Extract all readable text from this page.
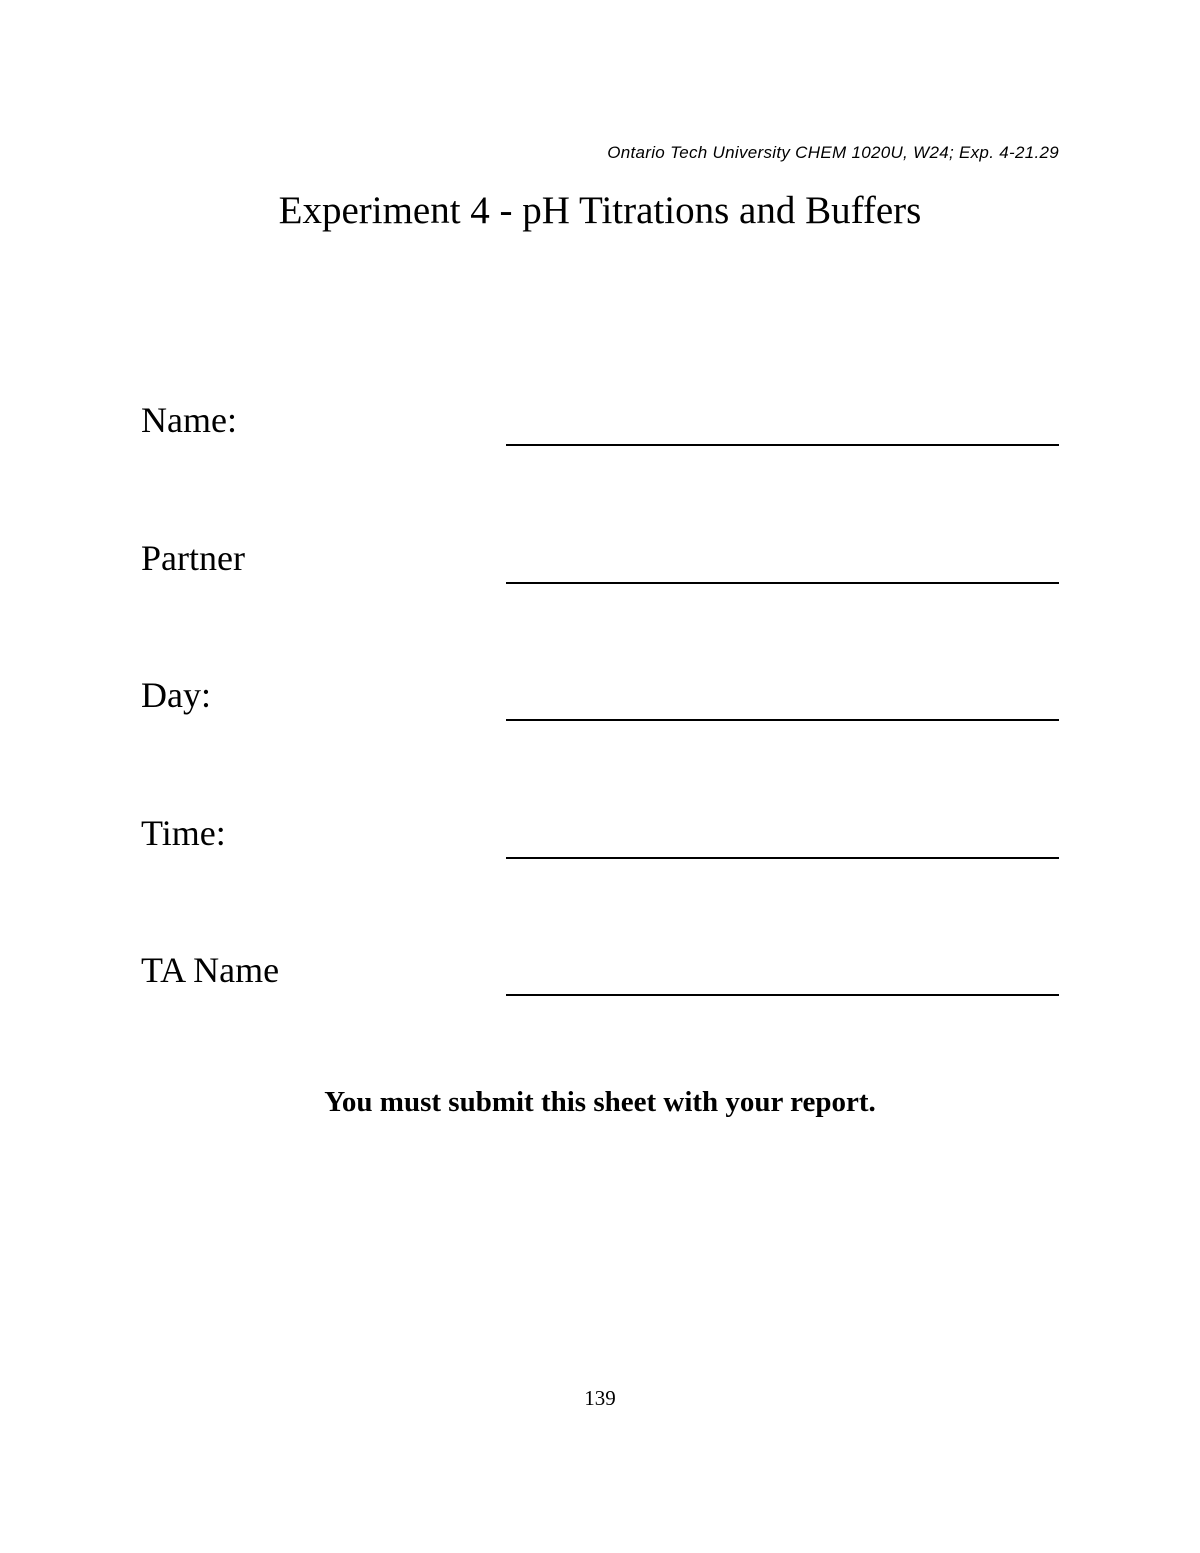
Ontario Tech University CHEM 1020U, W24; Exp. 4-21.29
Experiment 4 - pH Titrations and Buffers
Name:
Partner
Day:
Time:
TA Name
You must submit this sheet with your report.
139
